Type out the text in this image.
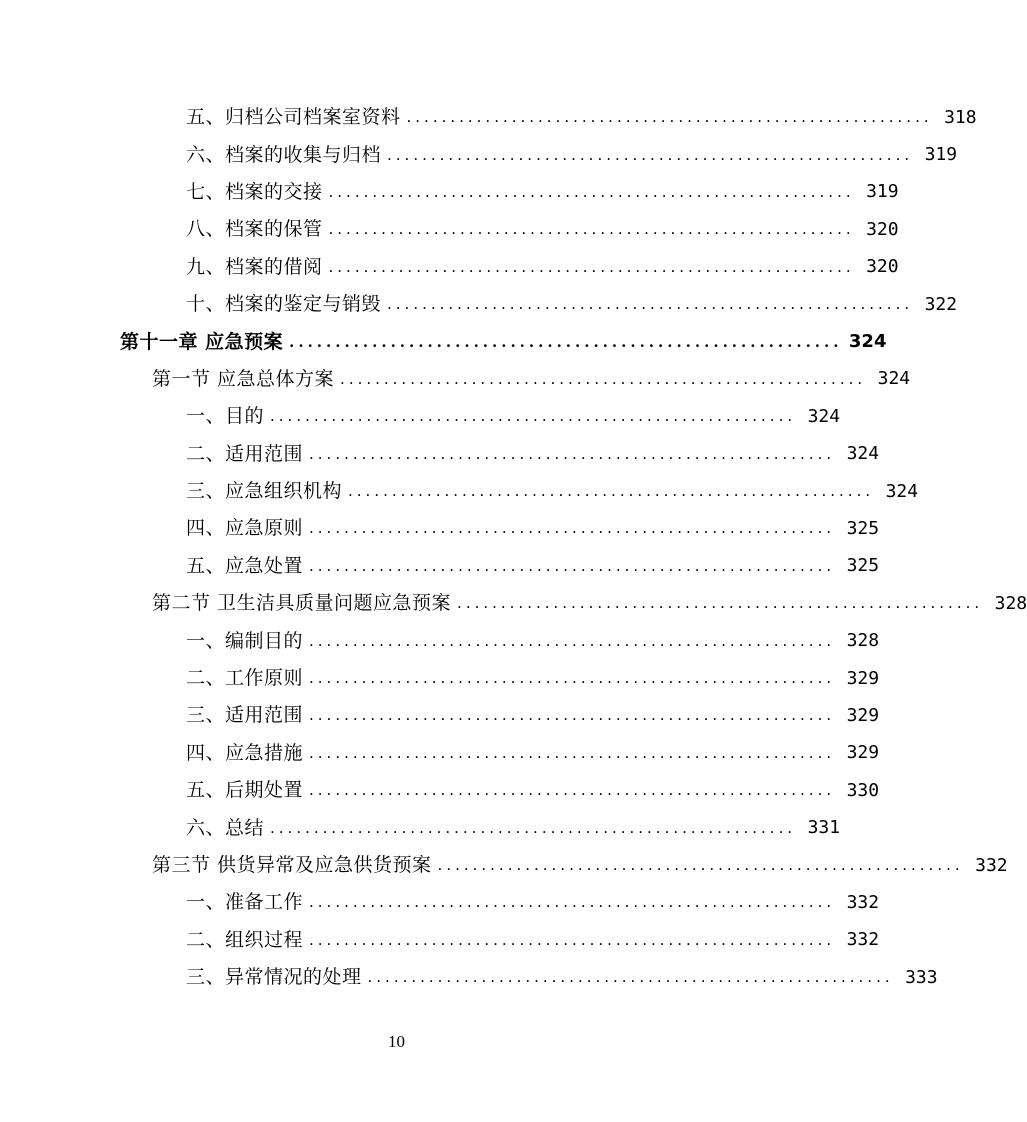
五、归档公司档案室资料 ............................................................ 318
六、档案的收集与归档 ............................................................ 319
七、档案的交接 ............................................................ 319
八、档案的保管 ............................................................ 320
九、档案的借阅 ............................................................ 320
十、档案的鉴定与销毁 ............................................................ 322
第十一章 应急预案 ............................................................ 324
第一节 应急总体方案 ............................................................ 324
一、目的 ............................................................ 324
二、适用范围 ............................................................ 324
三、应急组织机构 ............................................................ 324
四、应急原则 ............................................................ 325
五、应急处置 ............................................................ 325
第二节 卫生洁具质量问题应急预案 ............................................................ 328
一、编制目的 ............................................................ 328
二、工作原则 ............................................................ 329
三、适用范围 ............................................................ 329
四、应急措施 ............................................................ 329
五、后期处置 ............................................................ 330
六、总结 ............................................................ 331
第三节 供货异常及应急供货预案 ............................................................ 332
一、准备工作 ............................................................ 332
二、组织过程 ............................................................ 332
三、异常情况的处理 ............................................................ 333
10
